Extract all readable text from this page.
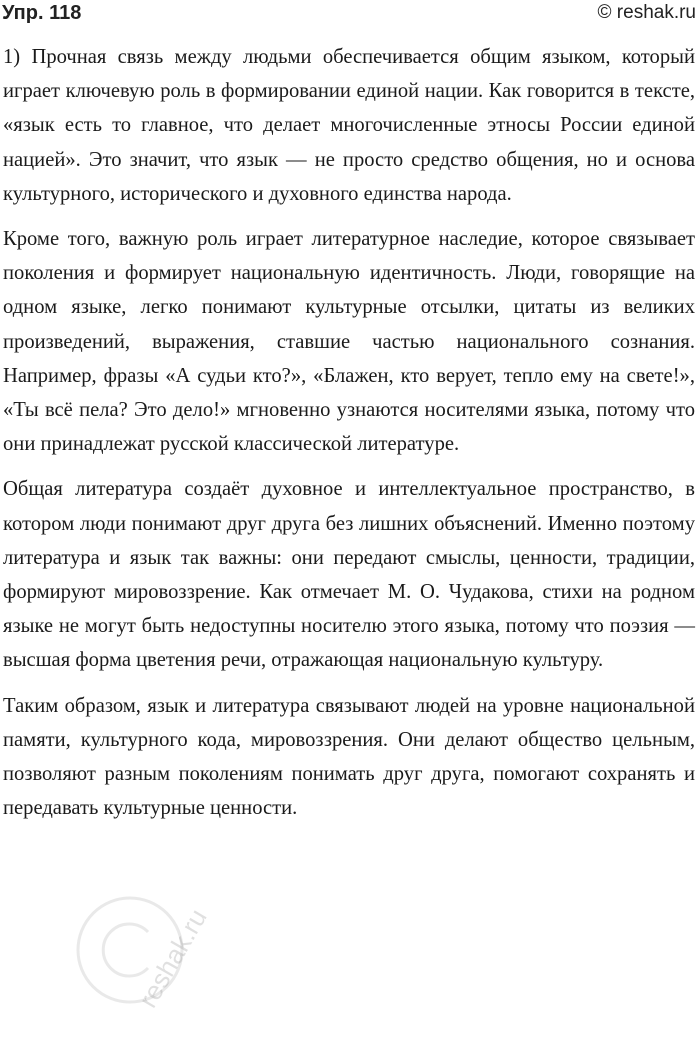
Упр. 118	© reshak.ru

1) Прочная связь между людьми обеспечивается общим языком, который играет ключевую роль в формировании единой нации. Как говорится в тексте, «язык есть то главное, что делает многочисленные этносы России единой нацией». Это значит, что язык — не просто средство общения, но и основа культурного, исторического и духовного единства народа.

Кроме того, важную роль играет литературное наследие, которое связывает поколения и формирует национальную идентичность. Люди, говорящие на одном языке, легко понимают культурные отсылки, цитаты из великих произведений, выражения, ставшие частью национального сознания. Например, фразы «А судьи кто?», «Блажен, кто верует, тепло ему на свете!», «Ты всё пела? Это дело!» мгновенно узнаются носителями языка, потому что они принадлежат русской классической литературе.

Общая литература создаёт духовное и интеллектуальное пространство, в котором люди понимают друг друга без лишних объяснений. Именно поэтому литература и язык так важны: они передают смыслы, ценности, традиции, формируют мировоззрение. Как отмечает М. О. Чудакова, стихи на родном языке не могут быть недоступны носителю этого языка, потому что поэзия — высшая форма цветения речи, отражающая национальную культуру.

Таким образом, язык и литература связывают людей на уровне национальной памяти, культурного кода, мировоззрения. Они делают общество цельным, позволяют разным поколениям понимать друг друга, помогают сохранять и передавать культурные ценности.

reshak.ru
